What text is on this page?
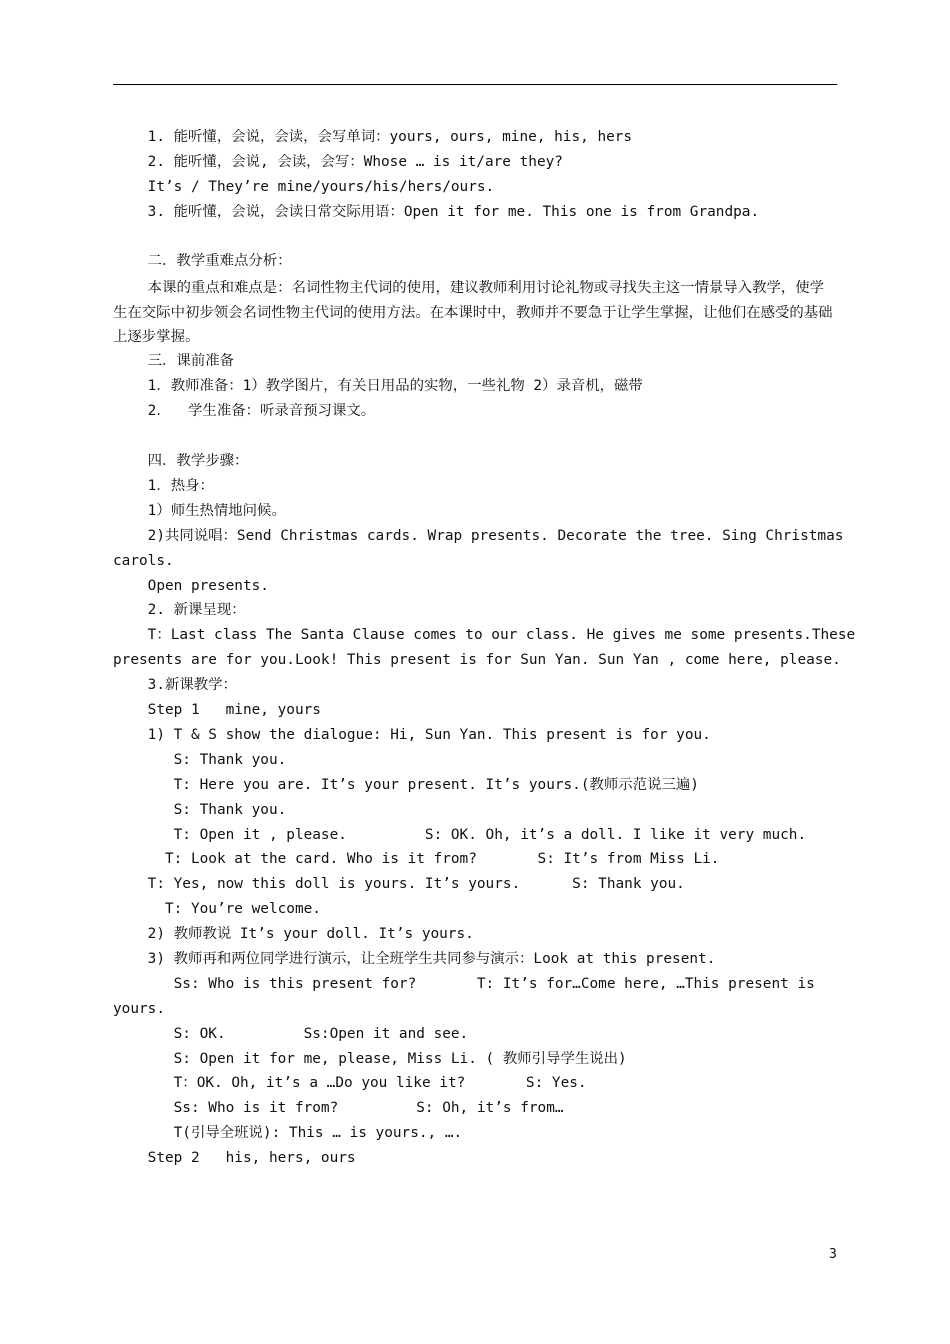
1. 能听懂，会说，会读，会写单词：yours, ours, mine, his, hers

2. 能听懂，会说, 会读，会写：Whose … is it/are they?

It’s / They’re mine/yours/his/hers/ours.

3. 能听懂，会说，会读日常交际用语：Open it for me. This one is from Grandpa.

二．教学重难点分析：

本课的重点和难点是：名词性物主代词的使用，建议教师利用讨论礼物或寻找失主这一情景导入教学，使学生在交际中初步领会名词性物主代词的使用方法。在本课时中，教师并不要急于让学生掌握，让他们在感受的基础上逐步掌握。

三．课前准备

1．教师准备：1）教学图片，有关日用品的实物，一些礼物 2）录音机，磁带

2．  学生准备：听录音预习课文。

四．教学步骤：

1．热身：

1）师生热情地问候。

2)共同说唱：Send Christmas cards. Wrap presents. Decorate the tree. Sing Christmas

carols.

Open presents.

2. 新课呈现：

T：Last class The Santa Clause comes to our class. He gives me some presents.These

presents are for you.Look! This present is for Sun Yan. Sun Yan , come here, please.

3.新课教学：

Step 1   mine, yours

1) T & S show the dialogue: Hi, Sun Yan. This present is for you.

S: Thank you.

T: Here you are. It’s your present. It’s yours.(教师示范说三遍)

S: Thank you.

T: Open it , please.         S: OK. Oh, it’s a doll. I like it very much.

T: Look at the card. Who is it from?       S: It’s from Miss Li.

T: Yes, now this doll is yours. It’s yours.      S: Thank you.

T: You’re welcome.

2) 教师教说 It’s your doll. It’s yours.

3) 教师再和两位同学进行演示，让全班学生共同参与演示：Look at this present.

Ss: Who is this present for?       T: It’s for…Come here, …This present is

yours.

S: OK.         Ss:Open it and see.

S: Open it for me, please, Miss Li. ( 教师引导学生说出)

T：OK. Oh, it’s a …Do you like it?       S: Yes.

Ss: Who is it from?         S: Oh, it’s from…

T(引导全班说): This … is yours., ….

Step 2   his, hers, ours

3
